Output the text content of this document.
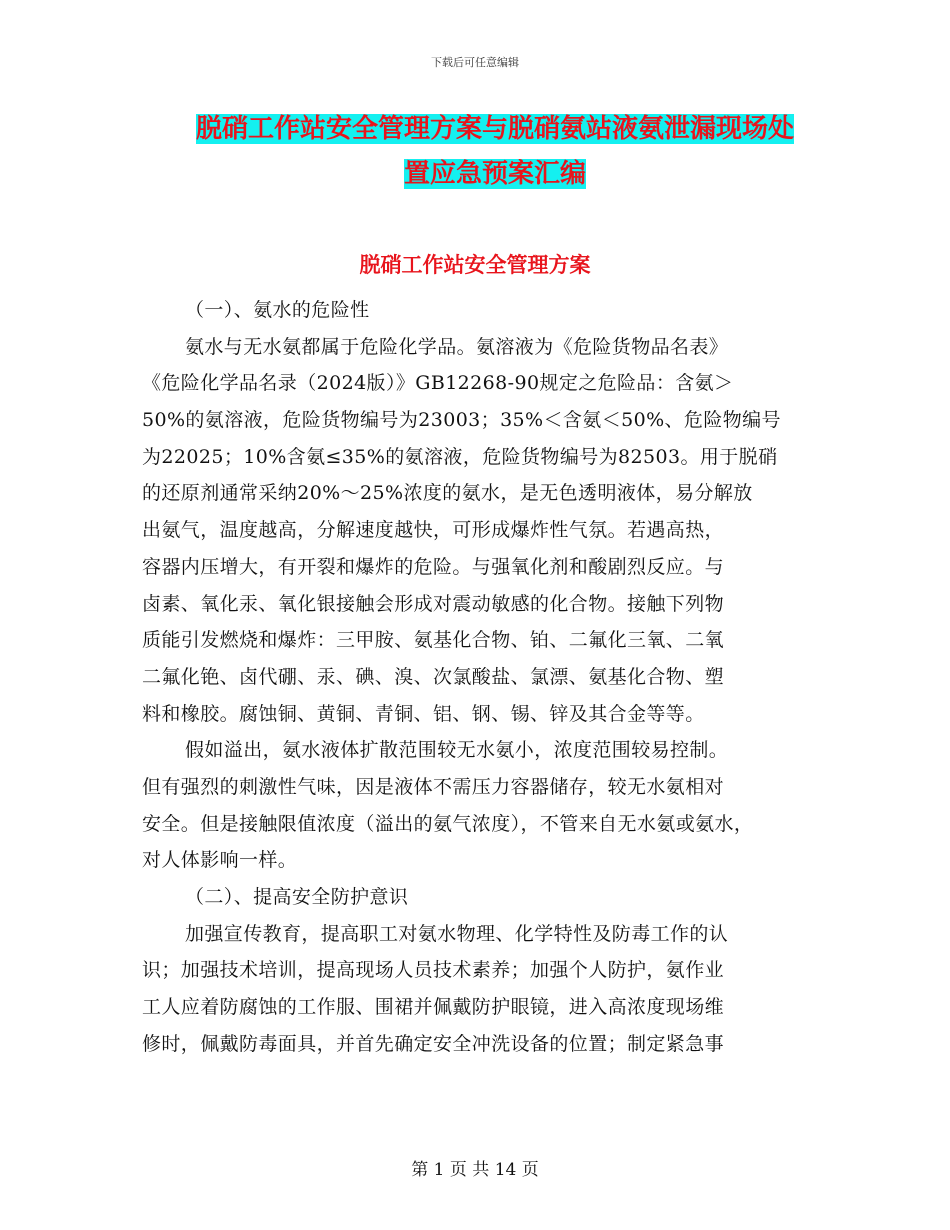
下载后可任意编辑
脱硝工作站安全管理方案与脱硝氨站液氨泄漏现场处
置应急预案汇编
脱硝工作站安全管理方案
（一）、氨水的危险性
氨水与无水氨都属于危险化学品。氨溶液为《危险货物品名表》
《危险化学品名录（2024版）》GB12268-90规定之危险品：含氨＞
50%的氨溶液，危险货物编号为23003；35%＜含氨＜50%、危险物编号
为22025；10%含氨≤35%的氨溶液，危险货物编号为82503。用于脱硝
的还原剂通常采纳20%～25%浓度的氨水，是无色透明液体，易分解放
出氨气，温度越高，分解速度越快，可形成爆炸性气氛。若遇高热，
容器内压增大，有开裂和爆炸的危险。与强氧化剂和酸剧烈反应。与
卤素、氧化汞、氧化银接触会形成对震动敏感的化合物。接触下列物
质能引发燃烧和爆炸：三甲胺、氨基化合物、铂、二氟化三氧、二氧
二氟化铯、卤代硼、汞、碘、溴、次氯酸盐、氯漂、氨基化合物、塑
料和橡胶。腐蚀铜、黄铜、青铜、铝、钢、锡、锌及其合金等等。
假如溢出，氨水液体扩散范围较无水氨小，浓度范围较易控制。
但有强烈的刺激性气味，因是液体不需压力容器储存，较无水氨相对
安全。但是接触限值浓度（溢出的氨气浓度），不管来自无水氨或氨水，
对人体影响一样。
（二）、提高安全防护意识
加强宣传教育，提高职工对氨水物理、化学特性及防毒工作的认
识；加强技术培训，提高现场人员技术素养；加强个人防护，氨作业
工人应着防腐蚀的工作服、围裙并佩戴防护眼镜，进入高浓度现场维
修时，佩戴防毒面具，并首先确定安全冲洗设备的位置；制定紧急事
第 1 页 共 14 页
